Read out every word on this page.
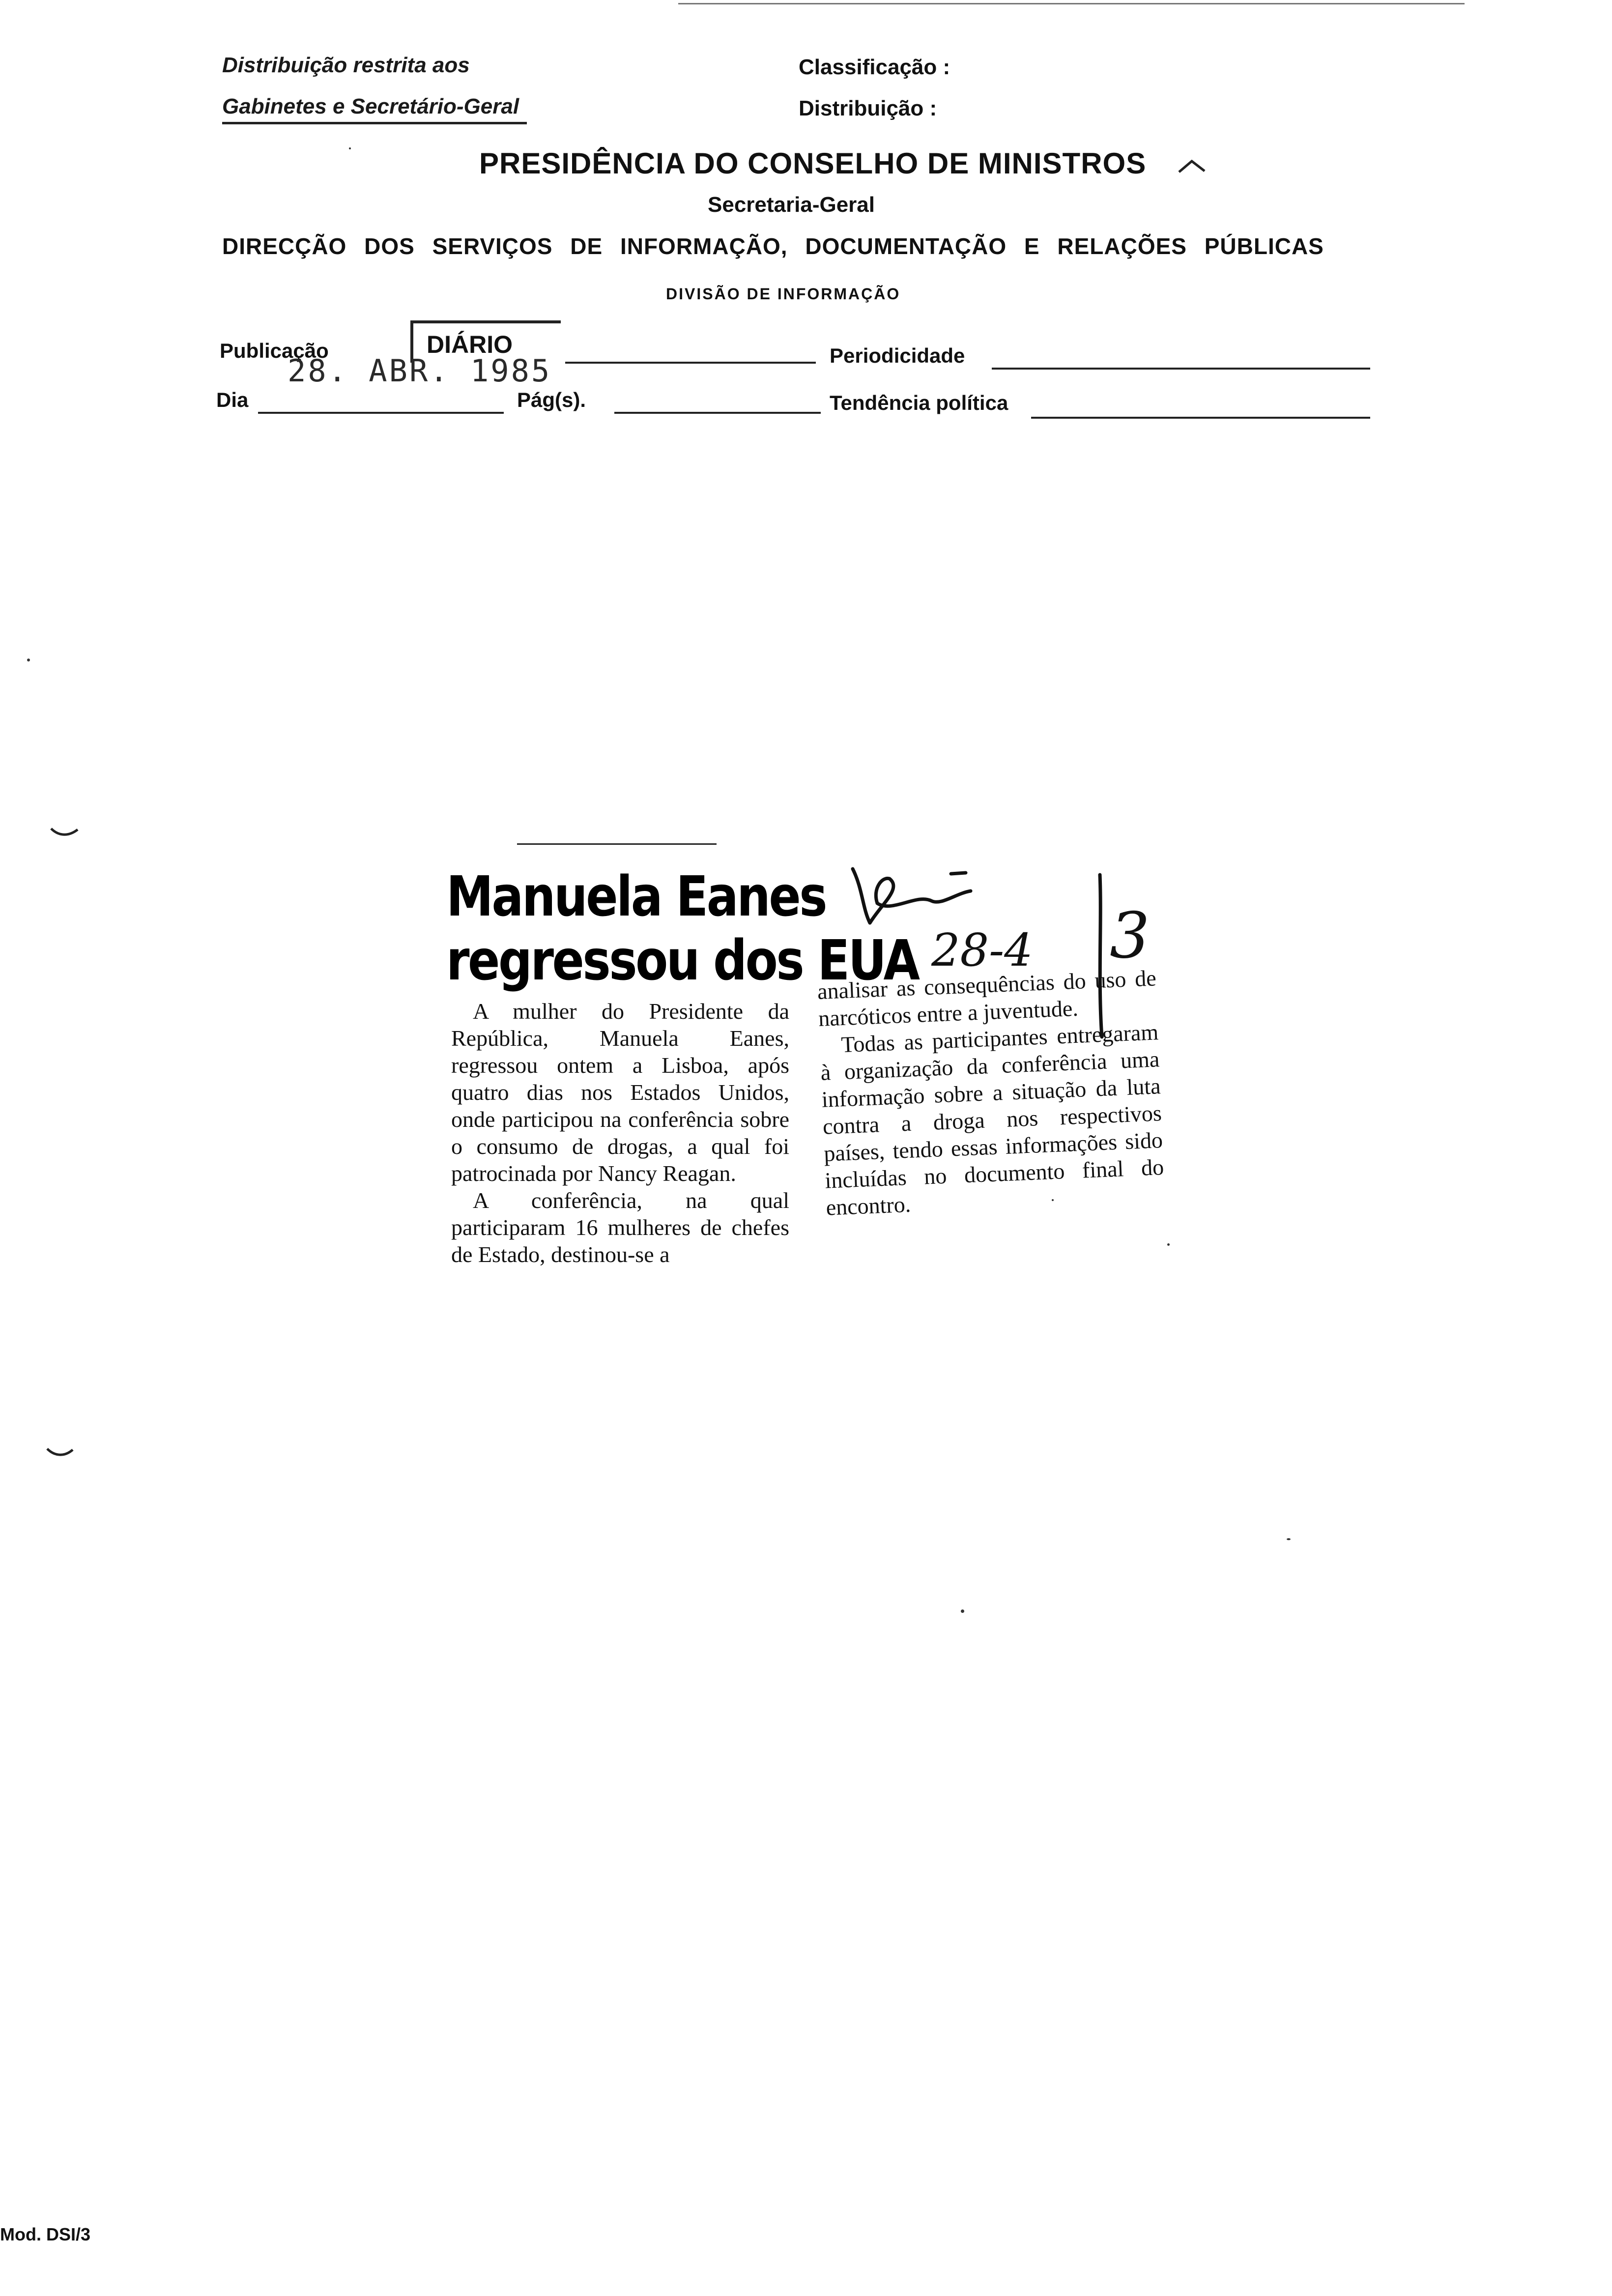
Distribuição restrita aos
Gabinetes e Secretário-Geral
Classificação :
Distribuição :
PRESIDÊNCIA DO CONSELHO DE MINISTROS
Secretaria-Geral
DIRECÇÃO DOS SERVIÇOS DE INFORMAÇÃO, DOCUMENTAÇÃO E RELAÇÕES PÚBLICAS
DIVISÃO DE INFORMAÇÃO
Publicação	DIÁRIO	Periodicidade
28. ABR. 1985
Dia	Pág(s).	Tendência política
Manuela Eanes
regressou dos EUA

A mulher do Presidente da República, Manuela Eanes, regressou ontem a Lisboa, após quatro dias nos Estados Unidos, onde participou na conferência sobre o consumo de drogas, a qual foi patrocinada por Nancy Reagan.

A conferência, na qual participaram 16 mulheres de chefes de Estado, destinou-se a

analisar as consequências do uso de narcóticos entre a juventude.

Todas as participantes entregaram à organização da conferência uma informação sobre a situação da luta contra a droga nos respectivos países, tendo essas informações sido incluídas no documento final do encontro.

28-4 3
Mod. DSI/3
